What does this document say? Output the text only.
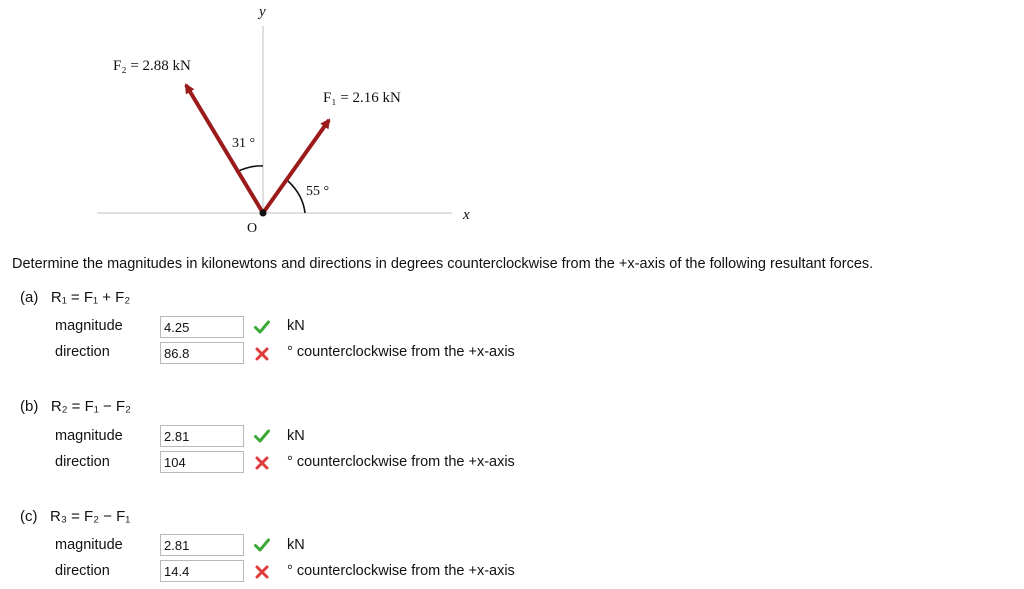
y
x
O
F₂ = 2.88 kN
F₁ = 2.16 kN
31 °
55 °
Determine the magnitudes in kilonewtons and directions in degrees counterclockwise from the +x-axis of the following resultant forces.
(a) R₁ = F₁ + F₂
magnitude	4.25	kN
direction	86.8	° counterclockwise from the +x-axis
(b) R₂ = F₁ − F₂
magnitude	2.81	kN
direction	104	° counterclockwise from the +x-axis
(c) R₃ = F₂ − F₁
magnitude	2.81	kN
direction	14.4	° counterclockwise from the +x-axis
